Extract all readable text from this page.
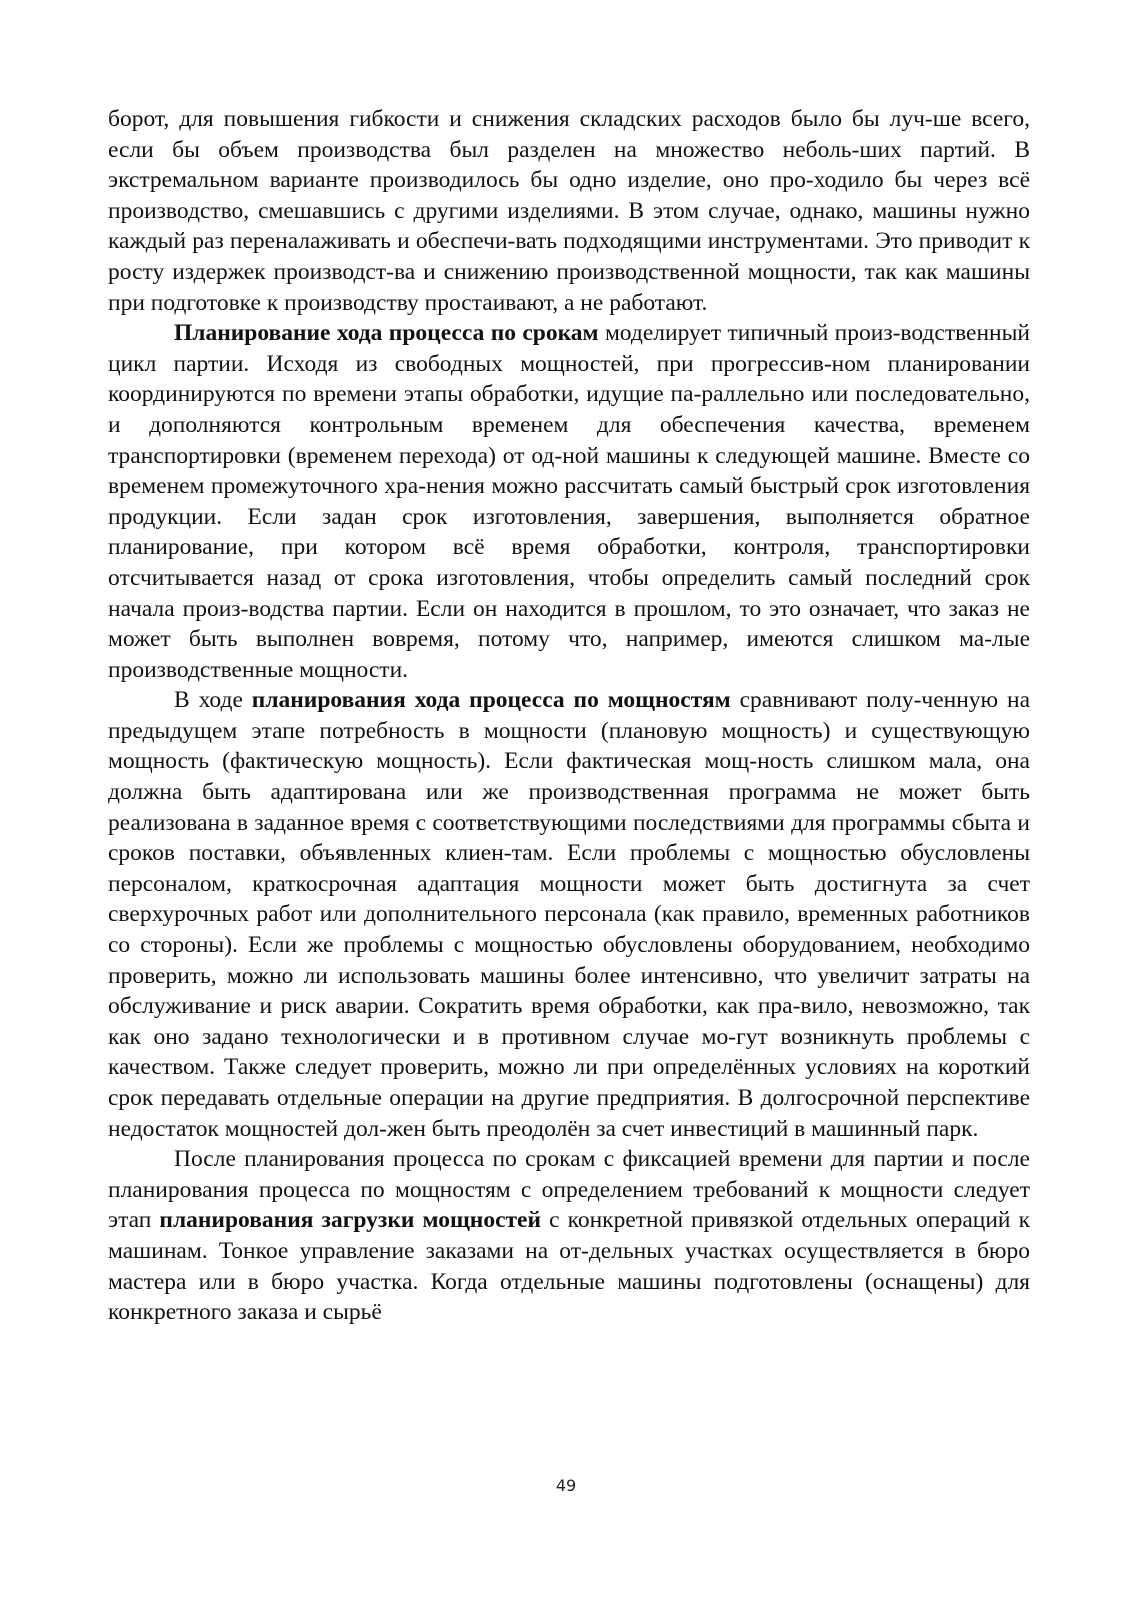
борот, для повышения гибкости и снижения складских расходов было бы луч-ше всего, если бы объем производства был разделен на множество неболь-ших партий. В экстремальном варианте производилось бы одно изделие, оно про-ходило бы через всё производство, смешавшись с другими изделиями. В этом случае, однако, машины нужно каждый раз переналаживать и обеспечи-вать подходящими инструментами. Это приводит к росту издержек производст-ва и снижению производственной мощности, так как машины при подготовке к производству простаивают, а не работают.

Планирование хода процесса по срокам моделирует типичный произ-водственный цикл партии. Исходя из свободных мощностей, при прогрессив-ном планировании координируются по времени этапы обработки, идущие па-раллельно или последовательно, и дополняются контрольным временем для обеспечения качества, временем транспортировки (временем перехода) от од-ной машины к следующей машине. Вместе со временем промежуточного хра-нения можно рассчитать самый быстрый срок изготовления продукции. Если задан срок изготовления, завершения, выполняется обратное планирование, при котором всё время обработки, контроля, транспортировки отсчитывается назад от срока изготовления, чтобы определить самый последний срок начала произ-водства партии. Если он находится в прошлом, то это означает, что заказ не может быть выполнен вовремя, потому что, например, имеются слишком ма-лые производственные мощности.

В ходе планирования хода процесса по мощностям сравнивают полу-ченную на предыдущем этапе потребность в мощности (плановую мощность) и существующую мощность (фактическую мощность). Если фактическая мощ-ность слишком мала, она должна быть адаптирована или же производственная программа не может быть реализована в заданное время с соответствующими последствиями для программы сбыта и сроков поставки, объявленных клиен-там. Если проблемы с мощностью обусловлены персоналом, краткосрочная адаптация мощности может быть достигнута за счет сверхурочных работ или дополнительного персонала (как правило, временных работников со стороны). Если же проблемы с мощностью обусловлены оборудованием, необходимо проверить, можно ли использовать машины более интенсивно, что увеличит затраты на обслуживание и риск аварии. Сократить время обработки, как пра-вило, невозможно, так как оно задано технологически и в противном случае мо-гут возникнуть проблемы с качеством. Также следует проверить, можно ли при определённых условиях на короткий срок передавать отдельные операции на другие предприятия. В долгосрочной перспективе недостаток мощностей дол-жен быть преодолён за счет инвестиций в машинный парк.

После планирования процесса по срокам с фиксацией времени для партии и после планирования процесса по мощностям с определением требований к мощности следует этап планирования загрузки мощностей с конкретной привязкой отдельных операций к машинам. Тонкое управление заказами на от-дельных участках осуществляется в бюро мастера или в бюро участка. Когда отдельные машины подготовлены (оснащены) для конкретного заказа и сырьё

49
